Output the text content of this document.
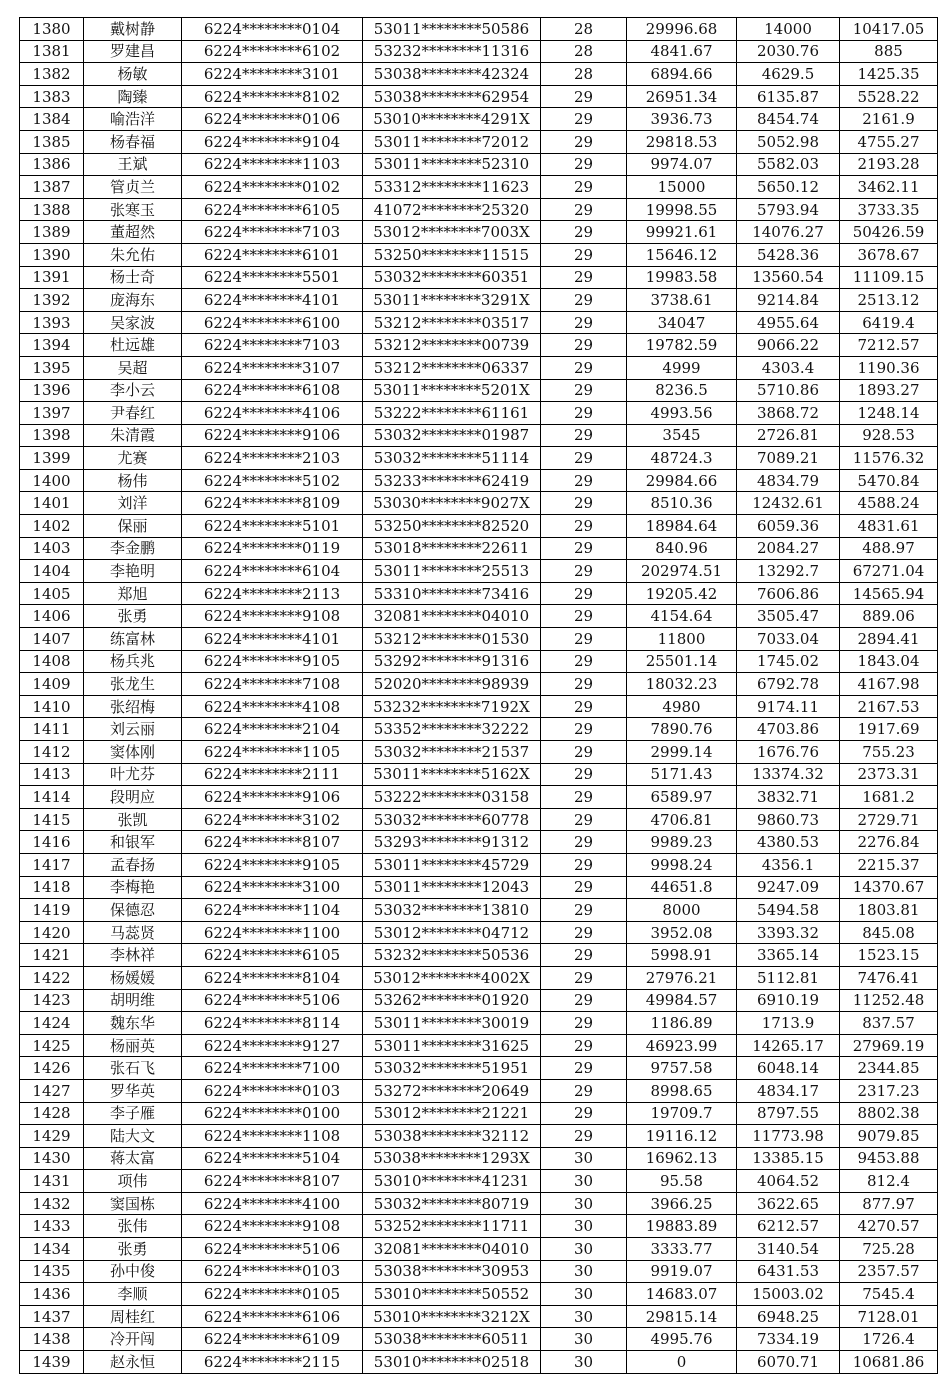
1380	戴树静	6224********0104	53011********50586	28	29996.68	14000	10417.05
1381	罗建昌	6224********6102	53232********11316	28	4841.67	2030.76	885
1382	杨敏	6224********3101	53038********42324	28	6894.66	4629.5	1425.35
1383	陶臻	6224********8102	53038********62954	29	26951.34	6135.87	5528.22
1384	喻浩洋	6224********0106	53010********4291X	29	3936.73	8454.74	2161.9
1385	杨春福	6224********9104	53011********72012	29	29818.53	5052.98	4755.27
1386	王斌	6224********1103	53011********52310	29	9974.07	5582.03	2193.28
1387	管贞兰	6224********0102	53312********11623	29	15000	5650.12	3462.11
1388	张寒玉	6224********6105	41072********25320	29	19998.55	5793.94	3733.35
1389	董超然	6224********7103	53012********7003X	29	99921.61	14076.27	50426.59
1390	朱允佑	6224********6101	53250********11515	29	15646.12	5428.36	3678.67
1391	杨士奇	6224********5501	53032********60351	29	19983.58	13560.54	11109.15
1392	庞海东	6224********4101	53011********3291X	29	3738.61	9214.84	2513.12
1393	吴家波	6224********6100	53212********03517	29	34047	4955.64	6419.4
1394	杜远雄	6224********7103	53212********00739	29	19782.59	9066.22	7212.57
1395	吴超	6224********3107	53212********06337	29	4999	4303.4	1190.36
1396	李小云	6224********6108	53011********5201X	29	8236.5	5710.86	1893.27
1397	尹春红	6224********4106	53222********61161	29	4993.56	3868.72	1248.14
1398	朱清霞	6224********9106	53032********01987	29	3545	2726.81	928.53
1399	尤赛	6224********2103	53032********51114	29	48724.3	7089.21	11576.32
1400	杨伟	6224********5102	53233********62419	29	29984.66	4834.79	5470.84
1401	刘洋	6224********8109	53030********9027X	29	8510.36	12432.61	4588.24
1402	保丽	6224********5101	53250********82520	29	18984.64	6059.36	4831.61
1403	李金鹏	6224********0119	53018********22611	29	840.96	2084.27	488.97
1404	李艳明	6224********6104	53011********25513	29	202974.51	13292.7	67271.04
1405	郑旭	6224********2113	53310********73416	29	19205.42	7606.86	14565.94
1406	张勇	6224********9108	32081********04010	29	4154.64	3505.47	889.06
1407	练富林	6224********4101	53212********01530	29	11800	7033.04	2894.41
1408	杨兵兆	6224********9105	53292********91316	29	25501.14	1745.02	1843.04
1409	张龙生	6224********7108	52020********98939	29	18032.23	6792.78	4167.98
1410	张绍梅	6224********4108	53232********7192X	29	4980	9174.11	2167.53
1411	刘云丽	6224********2104	53352********32222	29	7890.76	4703.86	1917.69
1412	窦体刚	6224********1105	53032********21537	29	2999.14	1676.76	755.23
1413	叶尤芬	6224********2111	53011********5162X	29	5171.43	13374.32	2373.31
1414	段明应	6224********9106	53222********03158	29	6589.97	3832.71	1681.2
1415	张凯	6224********3102	53032********60778	29	4706.81	9860.73	2729.71
1416	和银军	6224********8107	53293********91312	29	9989.23	4380.53	2276.84
1417	孟春扬	6224********9105	53011********45729	29	9998.24	4356.1	2215.37
1418	李梅艳	6224********3100	53011********12043	29	44651.8	9247.09	14370.67
1419	保德忍	6224********1104	53032********13810	29	8000	5494.58	1803.81
1420	马蕊贤	6224********1100	53012********04712	29	3952.08	3393.32	845.08
1421	李林祥	6224********6105	53232********50536	29	5998.91	3365.14	1523.15
1422	杨媛媛	6224********8104	53012********4002X	29	27976.21	5112.81	7476.41
1423	胡明维	6224********5106	53262********01920	29	49984.57	6910.19	11252.48
1424	魏东华	6224********8114	53011********30019	29	1186.89	1713.9	837.57
1425	杨丽英	6224********9127	53011********31625	29	46923.99	14265.17	27969.19
1426	张石飞	6224********7100	53032********51951	29	9757.58	6048.14	2344.85
1427	罗华英	6224********0103	53272********20649	29	8998.65	4834.17	2317.23
1428	李子雁	6224********0100	53012********21221	29	19709.7	8797.55	8802.38
1429	陆大文	6224********1108	53038********32112	29	19116.12	11773.98	9079.85
1430	蒋太富	6224********5104	53038********1293X	30	16962.13	13385.15	9453.88
1431	项伟	6224********8107	53010********41231	30	95.58	4064.52	812.4
1432	窦国栋	6224********4100	53032********80719	30	3966.25	3622.65	877.97
1433	张伟	6224********9108	53252********11711	30	19883.89	6212.57	4270.57
1434	张勇	6224********5106	32081********04010	30	3333.77	3140.54	725.28
1435	孙中俊	6224********0103	53038********30953	30	9919.07	6431.53	2357.57
1436	李顺	6224********0105	53010********50552	30	14683.07	15003.02	7545.4
1437	周桂红	6224********6106	53010********3212X	30	29815.14	6948.25	7128.01
1438	冷开闯	6224********6109	53038********60511	30	4995.76	7334.19	1726.4
1439	赵永恒	6224********2115	53010********02518	30	0	6070.71	10681.86
